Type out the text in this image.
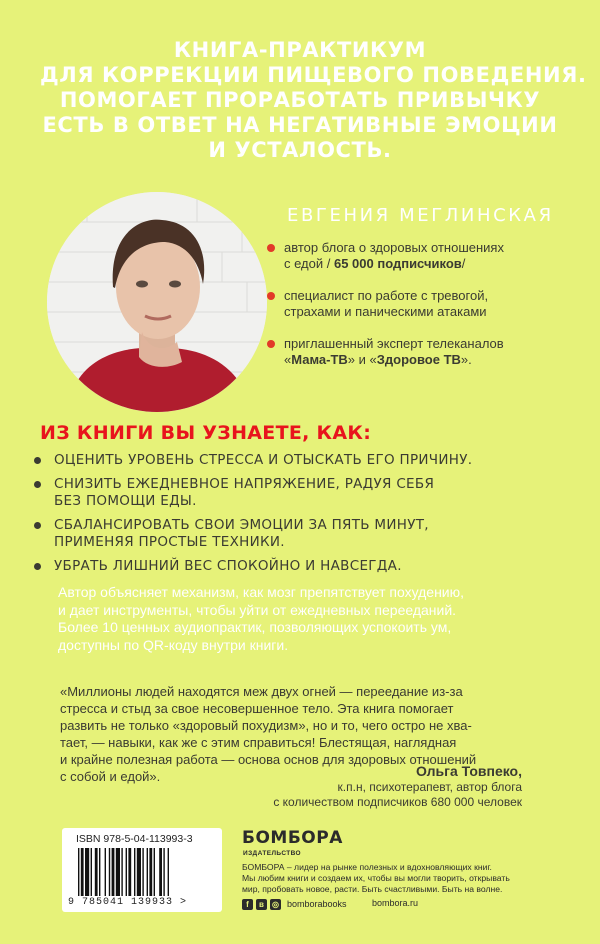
КНИГА-ПРАКТИКУМ
ДЛЯ КОРРЕКЦИИ ПИЩЕВОГО ПОВЕДЕНИЯ.
ПОМОГАЕТ ПРОРАБОТАТЬ ПРИВЫЧКУ
ЕСТЬ В ОТВЕТ НА НЕГАТИВНЫЕ ЭМОЦИИ
И УСТАЛОСТЬ.
ЕВГЕНИЯ МЕГЛИНСКАЯ
автор блога о здоровых отношениях
с едой / 65 000 подписчиков/
специалист по работе с тревогой,
страхами и паническими атаками
приглашенный эксперт телеканалов
«Мама-ТВ» и «Здоровое ТВ».
ИЗ КНИГИ ВЫ УЗНАЕТЕ, КАК:
ОЦЕНИТЬ УРОВЕНЬ СТРЕССА И ОТЫСКАТЬ ЕГО ПРИЧИНУ.
СНИЗИТЬ ЕЖЕДНЕВНОЕ НАПРЯЖЕНИЕ, РАДУЯ СЕБЯ
БЕЗ ПОМОЩИ ЕДЫ.
СБАЛАНСИРОВАТЬ СВОИ ЭМОЦИИ ЗА ПЯТЬ МИНУТ,
ПРИМЕНЯЯ ПРОСТЫЕ ТЕХНИКИ.
УБРАТЬ ЛИШНИЙ ВЕС СПОКОЙНО И НАВСЕГДА.
Автор объясняет механизм, как мозг препятствует похудению,
и дает инструменты, чтобы уйти от ежедневных перееданий.
Более 10 ценных аудиопрактик, позволяющих успокоить ум,
доступны по QR-коду внутри книги.
«Миллионы людей находятся меж двух огней — переедание из-за
стресса и стыд за свое несовершенное тело. Эта книга помогает
развить не только «здоровый похудизм», но и то, чего остро не хва-
тает, — навыки, как же с этим справиться! Блестящая, наглядная
и крайне полезная работа — основа основ для здоровых отношений
с собой и едой».	Ольга Товпеко,
к.п.н, психотерапевт, автор блога
с количеством подписчиков 680 000 человек
ISBN 978-5-04-113993-3
9 785041 139933 >
БОМБОРА
ИЗДАТЕЛЬСТВО
БОМБОРА – лидер на рынке полезных и вдохновляющих книг.
Мы любим книги и создаем их, чтобы вы могли творить, открывать
мир, пробовать новое, расти. Быть счастливыми. Быть на волне.
f	в	◎ bomborabooks	bombora.ru
